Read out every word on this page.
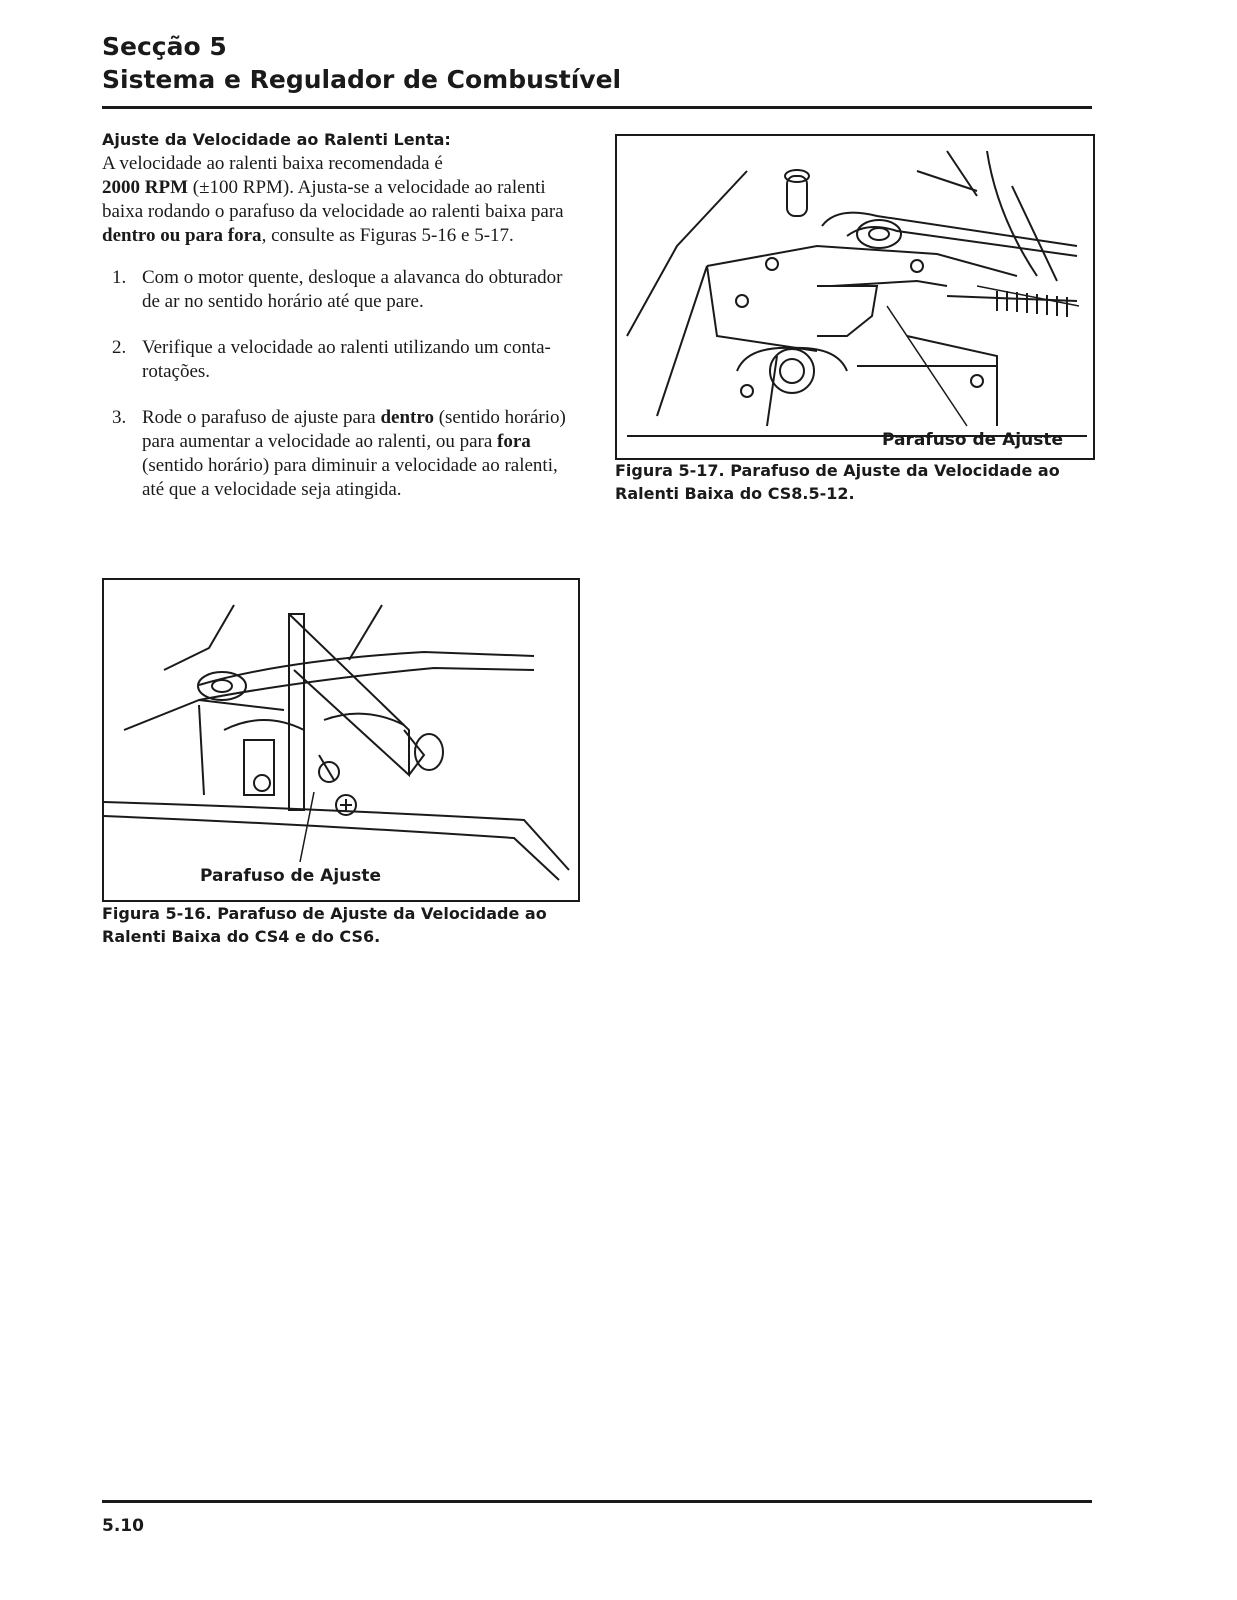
Secção 5
Sistema e Regulador de Combustível
Ajuste da Velocidade ao Ralenti Lenta:
A velocidade ao ralenti baixa recomendada é
2000 RPM (±100 RPM). Ajusta-se a velocidade ao ralenti baixa rodando o parafuso da velocidade ao ralenti baixa para dentro ou para fora, consulte as Figuras 5-16 e 5-17.
1. Com o motor quente, desloque a alavanca do obturador de ar no sentido horário até que pare.
2. Verifique a velocidade ao ralenti utilizando um conta-rotações.
3. Rode o parafuso de ajuste para dentro (sentido horário) para aumentar a velocidade ao ralenti, ou para fora (sentido horário) para diminuir a velocidade ao ralenti, até que a velocidade seja atingida.
Parafuso de Ajuste
Figura 5-16. Parafuso de Ajuste da Velocidade ao Ralenti Baixa do CS4 e do CS6.
Parafuso de Ajuste
Figura 5-17. Parafuso de Ajuste da Velocidade ao Ralenti Baixa do CS8.5-12.
5.10
